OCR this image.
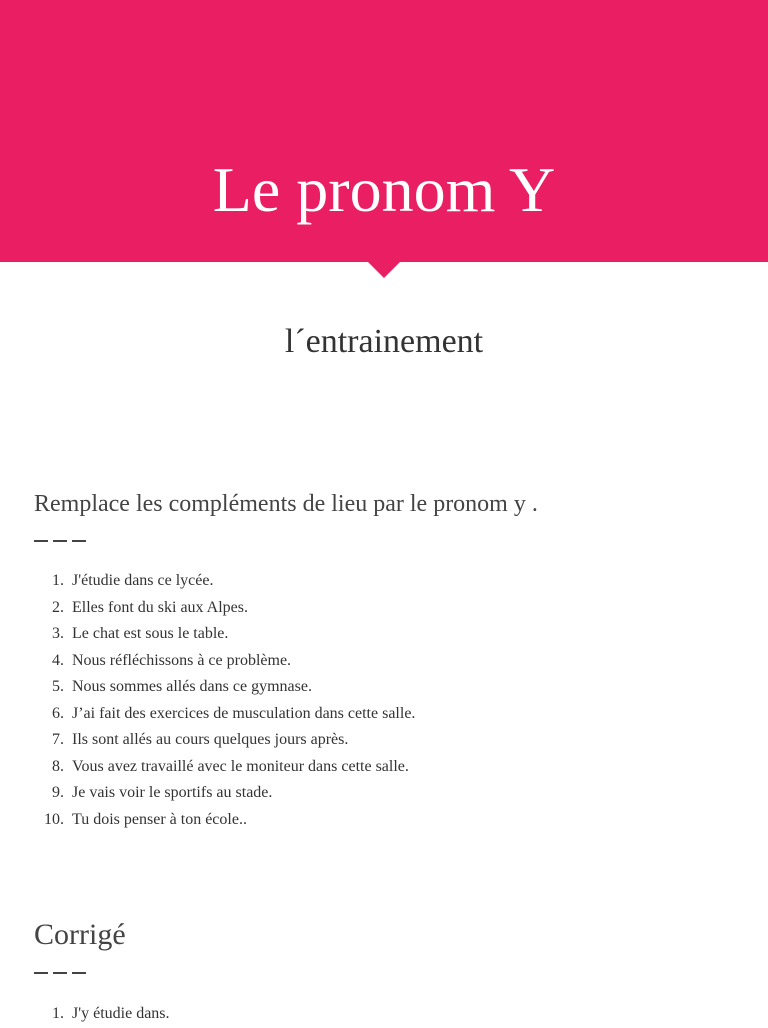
Le pronom Y
l´entrainement
Remplace les compléments de lieu par le pronom y .
1. J'étudie dans ce lycée.
2. Elles font du ski aux Alpes.
3. Le chat est sous le table.
4. Nous réfléchissons à ce problème.
5. Nous sommes allés dans ce gymnase.
6. J’ai fait des exercices de musculation dans cette salle.
7. Ils sont allés au cours quelques jours après.
8. Vous avez travaillé avec le moniteur dans cette salle.
9. Je vais voir le sportifs au stade.
10. Tu dois penser à ton école..
Corrigé
1. J'y étudie dans.
